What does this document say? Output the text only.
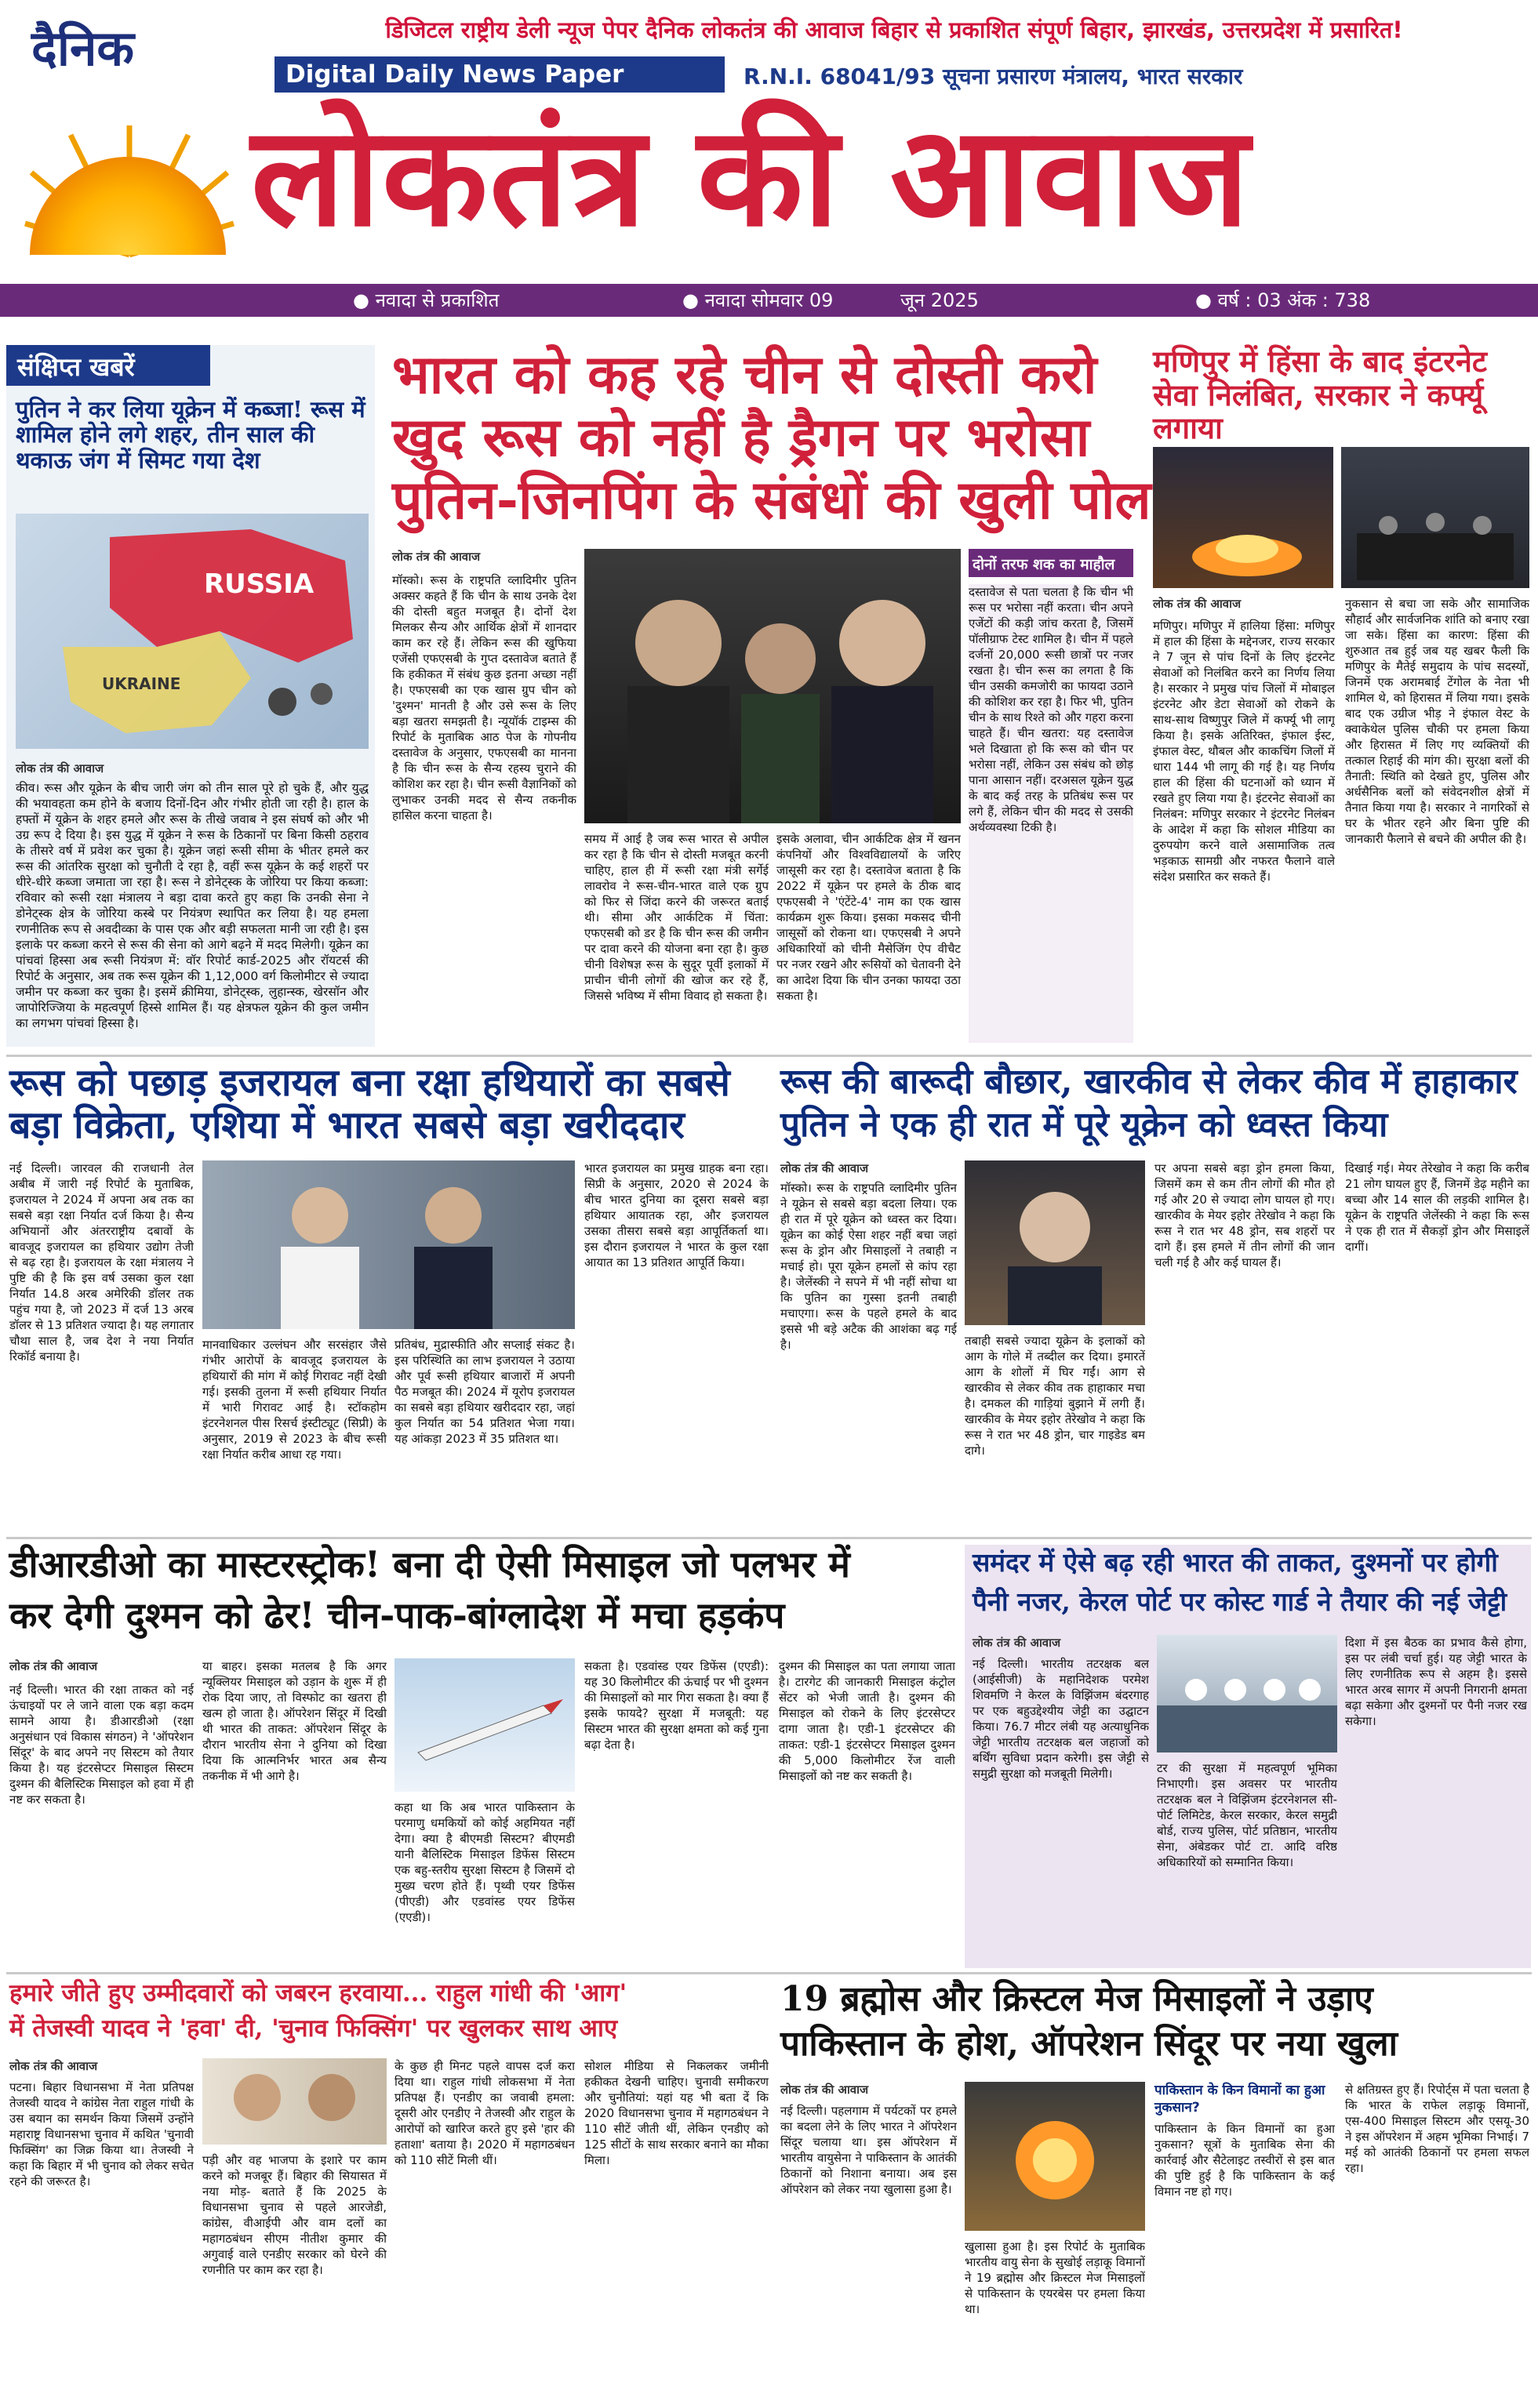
दैनिक	डिजिटल राष्ट्रीय डेली न्यूज पेपर दैनिक लोकतंत्र की आवाज बिहार से प्रकाशित संपूर्ण बिहार, झारखंड, उत्तरप्रदेश में प्रसारित!
Digital Daily News Paper	R.N.I. 68041/93 सूचना प्रसारण मंत्रालय, भारत सरकार
लोकतंत्र की आवाज
● नवादा से प्रकाशित	● नवादा सोमवार 09	जून 2025	● वर्ष : 03 अंक : 738
संक्षिप्त खबरें
पुतिन ने कर लिया यूक्रेन में कब्जा! रूस में शामिल होने लगे शहर, तीन साल की थकाऊ जंग में सिमट गया देश
RUSSIA
UKRAINE
लोक तंत्र की आवाज
कीव। रूस और यूक्रेन के बीच जारी जंग को तीन साल पूरे हो चुके हैं, और युद्ध की भयावहता कम होने के बजाय दिनों-दिन और गंभीर होती जा रही है। हाल के हफ्तों में यूक्रेन के शहर हमले और रूस के तीखे जवाब ने इस संघर्ष को और भी उग्र रूप दे दिया है। इस युद्ध में यूक्रेन ने रूस के ठिकानों पर बिना किसी ठहराव के तीसरे वर्ष में प्रवेश कर चुका है। यूक्रेन जहां रूसी सीमा के भीतर हमले कर रूस की आंतरिक सुरक्षा को चुनौती दे रहा है, वहीं रूस यूक्रेन के कई शहरों पर धीरे-धीरे कब्जा जमाता जा रहा है। रूस ने डोनेट्स्क के जोरिया पर किया कब्जा: रविवार को रूसी रक्षा मंत्रालय ने बड़ा दावा करते हुए कहा कि उनकी सेना ने डोनेट्स्क क्षेत्र के जोरिया कस्बे पर नियंत्रण स्थापित कर लिया है। यह हमला रणनीतिक रूप से अवदीव्का के पास एक और बड़ी सफलता मानी जा रही है। इस इलाके पर कब्जा करने से रूस की सेना को आगे बढ़ने में मदद मिलेगी। यूक्रेन का पांचवां हिस्सा अब रूसी नियंत्रण में: वॉर रिपोर्ट कार्ड-2025 और रॉयटर्स की रिपोर्ट के अनुसार, अब तक रूस यूक्रेन की 1,12,000 वर्ग किलोमीटर से ज्यादा जमीन पर कब्जा कर चुका है। इसमें क्रीमिया, डोनेट्स्क, लुहान्स्क, खेरसॉन और जापोरिज्जिया के महत्वपूर्ण हिस्से शामिल हैं। यह क्षेत्रफल यूक्रेन की कुल जमीन का लगभग पांचवां हिस्सा है।
भारत को कह रहे चीन से दोस्ती करो
खुद रूस को नहीं है ड्रैगन पर भरोसा
पुतिन-जिनपिंग के संबंधों की खुली पोल
लोक तंत्र की आवाज
मॉस्को। रूस के राष्ट्रपति व्लादिमीर पुतिन अक्सर कहते हैं कि चीन के साथ उनके देश की दोस्ती बहुत मजबूत है। दोनों देश मिलकर सैन्य और आर्थिक क्षेत्रों में शानदार काम कर रहे हैं। लेकिन रूस की खुफिया एजेंसी एफएसबी के गुप्त दस्तावेज बताते हैं कि हकीकत में संबंध कुछ इतना अच्छा नहीं है। एफएसबी का एक खास ग्रुप चीन को 'दुश्मन' मानती है और उसे रूस के लिए बड़ा खतरा समझती है। न्यूयॉर्क टाइम्स की रिपोर्ट के मुताबिक आठ पेज के गोपनीय दस्तावेज के अनुसार, एफएसबी का मानना है कि चीन रूस के सैन्य रहस्य चुराने की कोशिश कर रहा है। चीन रूसी वैज्ञानिकों को लुभाकर उनकी मदद से सैन्य तकनीक हासिल करना चाहता है।
समय में आई है जब रूस भारत से अपील कर रहा है कि चीन से दोस्ती मजबूत करनी चाहिए, हाल ही में रूसी रक्षा मंत्री सर्गेई लावरोव ने रूस-चीन-भारत वाले एक ग्रुप को फिर से जिंदा करने की जरूरत बताई थी। सीमा और आर्कटिक में चिंता: एफएसबी को डर है कि चीन रूस की जमीन पर दावा करने की योजना बना रहा है। कुछ चीनी विशेषज्ञ रूस के सुदूर पूर्वी इलाकों में प्राचीन चीनी लोगों की खोज कर रहे हैं, जिससे भविष्य में सीमा विवाद हो सकता है।
इसके अलावा, चीन आर्कटिक क्षेत्र में खनन कंपनियों और विश्वविद्यालयों के जरिए जासूसी कर रहा है। दस्तावेज बताता है कि 2022 में यूक्रेन पर हमले के ठीक बाद एफएसबी ने 'एंटेंटे-4' नाम का एक खास कार्यक्रम शुरू किया। इसका मकसद चीनी जासूसों को रोकना था। एफएसबी ने अपने अधिकारियों को चीनी मैसेजिंग ऐप वीचैट पर नजर रखने और रूसियों को चेतावनी देने का आदेश दिया कि चीन उनका फायदा उठा सकता है।
दोनों तरफ शक का माहौल
दस्तावेज से पता चलता है कि चीन भी रूस पर भरोसा नहीं करता। चीन अपने एजेंटों की कड़ी जांच करता है, जिसमें पॉलीग्राफ टेस्ट शामिल है। चीन में पहले दर्जनों 20,000 रूसी छात्रों पर नजर रखता है। चीन रूस का लगता है कि चीन उसकी कमजोरी का फायदा उठाने की कोशिश कर रहा है। फिर भी, पुतिन चीन के साथ रिश्ते को और गहरा करना चाहते हैं। चीन खतरा: यह दस्तावेज भले दिखाता हो कि रूस को चीन पर भरोसा नहीं, लेकिन उस संबंध को छोड़ पाना आसान नहीं। दरअसल यूक्रेन युद्ध के बाद कई तरह के प्रतिबंध रूस पर लगे हैं, लेकिन चीन की मदद से उसकी अर्थव्यवस्था टिकी है।
मणिपुर में हिंसा के बाद इंटरनेट सेवा निलंबित, सरकार ने कर्फ्यू लगाया
लोक तंत्र की आवाज
मणिपुर। मणिपुर में हालिया हिंसा: मणिपुर में हाल की हिंसा के मद्देनजर, राज्य सरकार ने 7 जून से पांच दिनों के लिए इंटरनेट सेवाओं को निलंबित करने का निर्णय लिया है। सरकार ने प्रमुख पांच जिलों में मोबाइल इंटरनेट और डेटा सेवाओं को रोकने के साथ-साथ विष्णुपुर जिले में कर्फ्यू भी लागू किया है। इसके अतिरिक्त, इंफाल ईस्ट, इंफाल वेस्ट, थौबल और काकचिंग जिलों में धारा 144 भी लागू की गई है। यह निर्णय हाल की हिंसा की घटनाओं को ध्यान में रखते हुए लिया गया है। इंटरनेट सेवाओं का निलंबन: मणिपुर सरकार ने इंटरनेट निलंबन के आदेश में कहा कि सोशल मीडिया का दुरुपयोग करने वाले असामाजिक तत्व भड़काऊ सामग्री और नफरत फैलाने वाले संदेश प्रसारित कर सकते हैं।
नुकसान से बचा जा सके और सामाजिक सौहार्द और सार्वजनिक शांति को बनाए रखा जा सके। हिंसा का कारण: हिंसा की शुरुआत तब हुई जब यह खबर फैली कि मणिपुर के मैतेई समुदाय के पांच सदस्यों, जिनमें एक अरामबाई टेंगोल के नेता भी शामिल थे, को हिरासत में लिया गया। इसके बाद एक उग्रीज भीड़ ने इंफाल वेस्ट के क्वाकेथेल पुलिस चौकी पर हमला किया और हिरासत में लिए गए व्यक्तियों की तत्काल रिहाई की मांग की। सुरक्षा बलों की तैनाती: स्थिति को देखते हुए, पुलिस और अर्धसैनिक बलों को संवेदनशील क्षेत्रों में तैनात किया गया है। सरकार ने नागरिकों से घर के भीतर रहने और बिना पुष्टि की जानकारी फैलाने से बचने की अपील की है।
रूस को पछाड़ इजरायल बना रक्षा हथियारों का सबसे बड़ा विक्रेता, एशिया में भारत सबसे बड़ा खरीददार
नई दिल्ली। जारवल की राजधानी तेल अबीब में जारी नई रिपोर्ट के मुताबिक, इजरायल ने 2024 में अपना अब तक का सबसे बड़ा रक्षा निर्यात दर्ज किया है। सैन्य अभियानों और अंतरराष्ट्रीय दबावों के बावजूद इजरायल का हथियार उद्योग तेजी से बढ़ रहा है। इजरायल के रक्षा मंत्रालय ने पुष्टि की है कि इस वर्ष उसका कुल रक्षा निर्यात 14.8 अरब अमेरिकी डॉलर तक पहुंच गया है, जो 2023 में दर्ज 13 अरब डॉलर से 13 प्रतिशत ज्यादा है। यह लगातार चौथा साल है, जब देश ने नया निर्यात रिकॉर्ड बनाया है।
मानवाधिकार उल्लंघन और सरसंहार जैसे गंभीर आरोपों के बावजूद इजरायल के हथियारों की मांग में कोई गिरावट नहीं देखी गई। इसकी तुलना में रूसी हथियार निर्यात में भारी गिरावट आई है। स्टॉकहोम इंटरनेशनल पीस रिसर्च इंस्टीट्यूट (सिप्री) के अनुसार, 2019 से 2023 के बीच रूसी रक्षा निर्यात करीब आधा रह गया।
प्रतिबंध, मुद्रास्फीति और सप्लाई संकट है। इस परिस्थिति का लाभ इजरायल ने उठाया और पूर्व रूसी हथियार बाजारों में अपनी पैठ मजबूत की। 2024 में यूरोप इजरायल का सबसे बड़ा हथियार खरीददार रहा, जहां कुल निर्यात का 54 प्रतिशत भेजा गया। यह आंकड़ा 2023 में 35 प्रतिशत था।
भारत इजरायल का प्रमुख ग्राहक बना रहा। सिप्री के अनुसार, 2020 से 2024 के बीच भारत दुनिया का दूसरा सबसे बड़ा हथियार आयातक रहा, और इजरायल उसका तीसरा सबसे बड़ा आपूर्तिकर्ता था। इस दौरान इजरायल ने भारत के कुल रक्षा आयात का 13 प्रतिशत आपूर्ति किया।
रूस की बारूदी बौछार, खारकीव से लेकर कीव में हाहाकार
पुतिन ने एक ही रात में पूरे यूक्रेन को ध्वस्त किया
लोक तंत्र की आवाज
मॉस्को। रूस के राष्ट्रपति व्लादिमीर पुतिन ने यूक्रेन से सबसे बड़ा बदला लिया। एक ही रात में पूरे यूक्रेन को ध्वस्त कर दिया। यूक्रेन का कोई ऐसा शहर नहीं बचा जहां रूस के ड्रोन और मिसाइलों ने तबाही न मचाई हो। पूरा यूक्रेन हमलों से कांप रहा है। जेलेंस्की ने सपने में भी नहीं सोचा था कि पुतिन का गुस्सा इतनी तबाही मचाएगा। रूस के पहले हमले के बाद इससे भी बड़े अटैक की आशंका बढ़ गई है।	तबाही सबसे ज्यादा यूक्रेन के इलाकों को आग के गोले में तब्दील कर दिया। इमारतें आग के शोलों में घिर गईं। आग से खारकीव से लेकर कीव तक हाहाकार मचा है। दमकल की गाड़ियां बुझाने में लगी हैं। खारकीव के मेयर इहोर तेरेखोव ने कहा कि रूस ने रात भर 48 ड्रोन, चार गाइडेड बम दागे।
पर अपना सबसे बड़ा ड्रोन हमला किया, जिसमें कम से कम तीन लोगों की मौत हो गई और 20 से ज्यादा लोग घायल हो गए। खारकीव के मेयर इहोर तेरेखोव ने कहा कि रूस ने रात भर 48 ड्रोन, सब शहरों पर दागे हैं। इस हमले में तीन लोगों की जान चली गई है और कई घायल हैं।
दिखाई गई। मेयर तेरेखोव ने कहा कि करीब 21 लोग घायल हुए हैं, जिनमें डेढ़ महीने का बच्चा और 14 साल की लड़की शामिल है। यूक्रेन के राष्ट्रपति जेलेंस्की ने कहा कि रूस ने एक ही रात में सैकड़ों ड्रोन और मिसाइलें दागीं।
डीआरडीओ का मास्टरस्ट्रोक! बना दी ऐसी मिसाइल जो पलभर में
कर देगी दुश्मन को ढेर! चीन-पाक-बांग्लादेश में मचा हड़कंप
लोक तंत्र की आवाज
नई दिल्ली। भारत की रक्षा ताकत को नई ऊंचाइयों पर ले जाने वाला एक बड़ा कदम सामने आया है। डीआरडीओ (रक्षा अनुसंधान एवं विकास संगठन) ने 'ऑपरेशन सिंदूर' के बाद अपने नए सिस्टम को तैयार किया है। यह इंटरसेप्टर मिसाइल सिस्टम दुश्मन की बैलिस्टिक मिसाइल को हवा में ही नष्ट कर सकता है।
या बाहर। इसका मतलब है कि अगर न्यूक्लियर मिसाइल को उड़ान के शुरू में ही रोक दिया जाए, तो विस्फोट का खतरा ही खत्म हो जाता है। ऑपरेशन सिंदूर में दिखी थी भारत की ताकत: ऑपरेशन सिंदूर के दौरान भारतीय सेना ने दुनिया को दिखा दिया कि आत्मनिर्भर भारत अब सैन्य तकनीक में भी आगे है।
कहा था कि अब भारत पाकिस्तान के परमाणु धमकियों को कोई अहमियत नहीं देगा। क्या है बीएमडी सिस्टम? बीएमडी यानी बैलिस्टिक मिसाइल डिफेंस सिस्टम एक बहु-स्तरीय सुरक्षा सिस्टम है जिसमें दो मुख्य चरण होते हैं। पृथ्वी एयर डिफेंस (पीएडी) और एडवांस्ड एयर डिफेंस (एएडी)।
सकता है। एडवांस्ड एयर डिफेंस (एएडी): यह 30 किलोमीटर की ऊंचाई पर भी दुश्मन की मिसाइलों को मार गिरा सकता है। क्या हैं इसके फायदे? सुरक्षा में मजबूती: यह सिस्टम भारत की सुरक्षा क्षमता को कई गुना बढ़ा देता है।
दुश्मन की मिसाइल का पता लगाया जाता है। टारगेट की जानकारी मिसाइल कंट्रोल सेंटर को भेजी जाती है। दुश्मन की मिसाइल को रोकने के लिए इंटरसेप्टर दागा जाता है। एडी-1 इंटरसेप्टर की ताकत: एडी-1 इंटरसेप्टर मिसाइल दुश्मन की 5,000 किलोमीटर रेंज वाली मिसाइलों को नष्ट कर सकती है।
समंदर में ऐसे बढ़ रही भारत की ताकत, दुश्मनों पर होगी
पैनी नजर, केरल पोर्ट पर कोस्ट गार्ड ने तैयार की नई जेट्टी
लोक तंत्र की आवाज
नई दिल्ली। भारतीय तटरक्षक बल (आईसीजी) के महानिदेशक परमेश शिवमणि ने केरल के विझिंजम बंदरगाह पर एक बहुउद्देश्यीय जेट्टी का उद्घाटन किया। 76.7 मीटर लंबी यह अत्याधुनिक जेट्टी भारतीय तटरक्षक बल जहाजों को बर्थिंग सुविधा प्रदान करेगी। इस जेट्टी से समुद्री सुरक्षा को मजबूती मिलेगी।	टर की सुरक्षा में महत्वपूर्ण भूमिका निभाएगी। इस अवसर पर भारतीय तटरक्षक बल ने विझिंजम इंटरनेशनल सी-पोर्ट लिमिटेड, केरल सरकार, केरल समुद्री बोर्ड, राज्य पुलिस, पोर्ट प्रतिष्ठान, भारतीय सेना, अंबेडकर पोर्ट टा. आदि वरिष्ठ अधिकारियों को सम्मानित किया।
दिशा में इस बैठक का प्रभाव कैसे होगा, इस पर लंबी चर्चा हुई। यह जेट्टी भारत के लिए रणनीतिक रूप से अहम है। इससे भारत अरब सागर में अपनी निगरानी क्षमता बढ़ा सकेगा और दुश्मनों पर पैनी नजर रख सकेगा।
हमारे जीते हुए उम्मीदवारों को जबरन हरवाया... राहुल गांधी की 'आग'
में तेजस्वी यादव ने 'हवा' दी, 'चुनाव फिक्सिंग' पर खुलकर साथ आए
लोक तंत्र की आवाज
पटना। बिहार विधानसभा में नेता प्रतिपक्ष तेजस्वी यादव ने कांग्रेस नेता राहुल गांधी के उस बयान का समर्थन किया जिसमें उन्होंने महाराष्ट्र विधानसभा चुनाव में कथित 'चुनावी फिक्सिंग' का जिक्र किया था। तेजस्वी ने कहा कि बिहार में भी चुनाव को लेकर सचेत रहने की जरूरत है।
पड़ी और वह भाजपा के इशारे पर काम करने को मजबूर हैं। बिहार की सियासत में नया मोड़- बताते हैं कि 2025 के विधानसभा चुनाव से पहले आरजेडी, कांग्रेस, वीआईपी और वाम दलों का महागठबंधन सीएम नीतीश कुमार की अगुवाई वाले एनडीए सरकार को घेरने की रणनीति पर काम कर रहा है।
के कुछ ही मिनट पहले वापस दर्ज करा दिया था। राहुल गांधी लोकसभा में नेता प्रतिपक्ष हैं। एनडीए का जवाबी हमला: दूसरी ओर एनडीए ने तेजस्वी और राहुल के आरोपों को खारिज करते हुए इसे 'हार की हताशा' बताया है। 2020 में महागठबंधन को 110 सीटें मिली थीं।
सोशल मीडिया से निकलकर जमीनी हकीकत देखनी चाहिए। चुनावी समीकरण और चुनौतियां: यहां यह भी बता दें कि 2020 विधानसभा चुनाव में महागठबंधन ने 110 सीटें जीती थीं, लेकिन एनडीए को 125 सीटों के साथ सरकार बनाने का मौका मिला।
19 ब्रह्मोस और क्रिस्टल मेज मिसाइलों ने उड़ाए
पाकिस्तान के होश, ऑपरेशन सिंदूर पर नया खुला
लोक तंत्र की आवाज
नई दिल्ली। पहलगाम में पर्यटकों पर हमले का बदला लेने के लिए भारत ने ऑपरेशन सिंदूर चलाया था। इस ऑपरेशन में भारतीय वायुसेना ने पाकिस्तान के आतंकी ठिकानों को निशाना बनाया। अब इस ऑपरेशन को लेकर नया खुलासा हुआ है।
खुलासा हुआ है। इस रिपोर्ट के मुताबिक भारतीय वायु सेना के सुखोई लड़ाकू विमानों ने 19 ब्रह्मोस और क्रिस्टल मेज मिसाइलों से पाकिस्तान के एयरबेस पर हमला किया था।
पाकिस्तान के किन विमानों का हुआ नुकसान?
पाकिस्तान के किन विमानों का हुआ नुकसान? सूत्रों के मुताबिक सेना की कार्रवाई और सैटेलाइट तस्वीरों से इस बात की पुष्टि हुई है कि पाकिस्तान के कई विमान नष्ट हो गए।
से क्षतिग्रस्त हुए हैं। रिपोर्ट्स में पता चलता है कि भारत के राफेल लड़ाकू विमानों, एस-400 मिसाइल सिस्टम और एसयू-30 ने इस ऑपरेशन में अहम भूमिका निभाई। 7 मई को आतंकी ठिकानों पर हमला सफल रहा।
